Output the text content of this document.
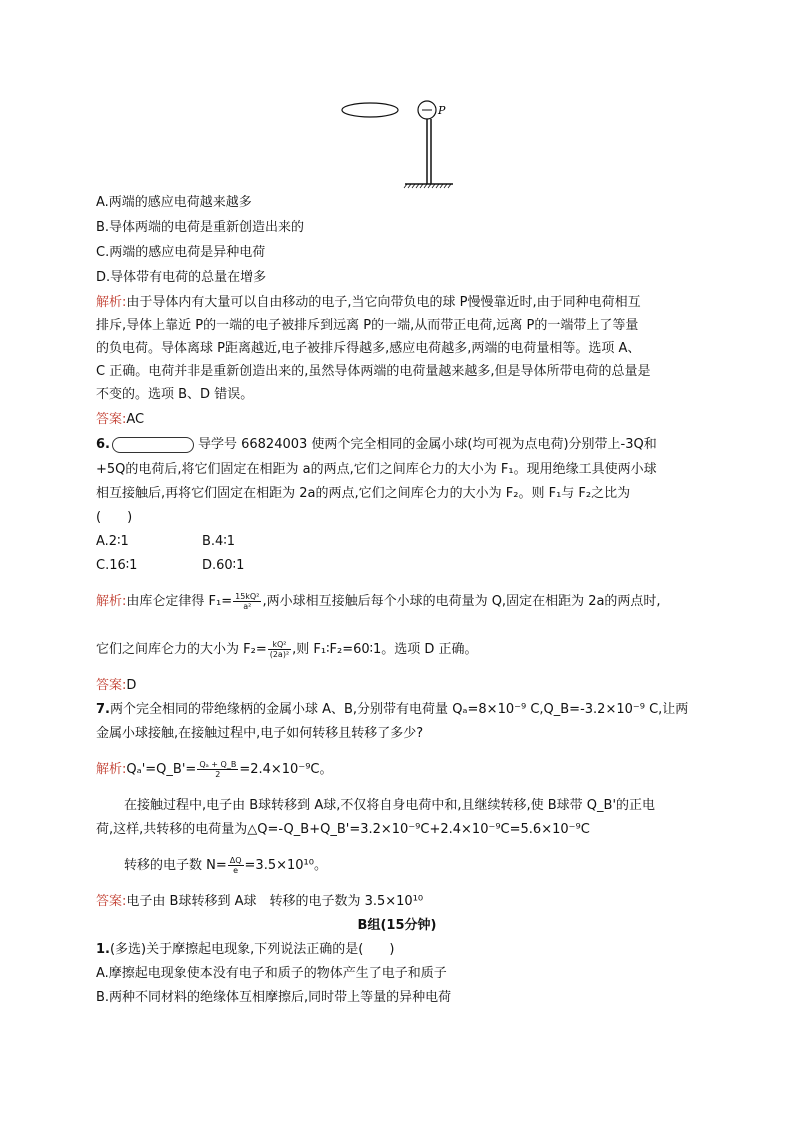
P
A.两端的感应电荷越来越多
B.导体两端的电荷是重新创造出来的
C.两端的感应电荷是异种电荷
D.导体带有电荷的总量在增多
解析:由于导体内有大量可以自由移动的电子,当它向带负电的球 P慢慢靠近时,由于同种电荷相互
排斥,导体上靠近 P的一端的电子被排斥到远离 P的一端,从而带正电荷,远离 P的一端带上了等量
的负电荷。导体离球 P距离越近,电子被排斥得越多,感应电荷越多,两端的电荷量相等。选项 A、
C 正确。电荷并非是重新创造出来的,虽然导体两端的电荷量越来越多,但是导体所带电荷的总量是
不变的。选项 B、D 错误。
答案:AC
6.	导学号 66824003 使两个完全相同的金属小球(均可视为点电荷)分别带上-3Q和
+5Q的电荷后,将它们固定在相距为 a的两点,它们之间库仑力的大小为 F₁。现用绝缘工具使两小球
相互接触后,再将它们固定在相距为 2a的两点,它们之间库仑力的大小为 F₂。则 F₁与 F₂之比为
(　　)
A.2∶1	B.4∶1
C.16∶1	D.60∶1
解析:由库仑定律得 $F_1= \frac{\text{15kQ²}}{\text{a²}}$ ,两小球相互接触后每个小球的电荷量为 Q,固定在相距为 2a的两点时,
它们之间库仑力的大小为 $F_2= \frac{\text{kQ²}}{\text{(2a)²}}$ ,则 F₁∶F₂=60∶1。选项 D 正确。
答案:D
7.两个完全相同的带绝缘柄的金属小球 A、B,分别带有电荷量 Qₐ=8×10⁻⁹ C,Q_B=-3.2×10⁻⁹ C,让两
金属小球接触,在接触过程中,电子如何转移且转移了多少?
解析:Qₐ'=Q_B'= $\frac{\text{Qₐ + Q\_B}}{2} =2.4\times 10^{-9}C$。
在接触过程中,电子由 B球转移到 A球,不仅将自身电荷中和,且继续转移,使 B球带 Q_B'的正电
荷,这样,共转移的电荷量为△Q=-Q_B+Q_B'=3.2×10⁻⁹C+2.4×10⁻⁹C=5.6×10⁻⁹C
转移的电子数 $N= \frac{\Delta Q}{e} =3.5\times 10^{10}$。
答案:电子由 B球转移到 A球　转移的电子数为 3.5×10¹⁰
B组(15分钟)
1.(多选)关于摩擦起电现象,下列说法正确的是(　　)
A.摩擦起电现象使本没有电子和质子的物体产生了电子和质子
B.两种不同材料的绝缘体互相摩擦后,同时带上等量的异种电荷
